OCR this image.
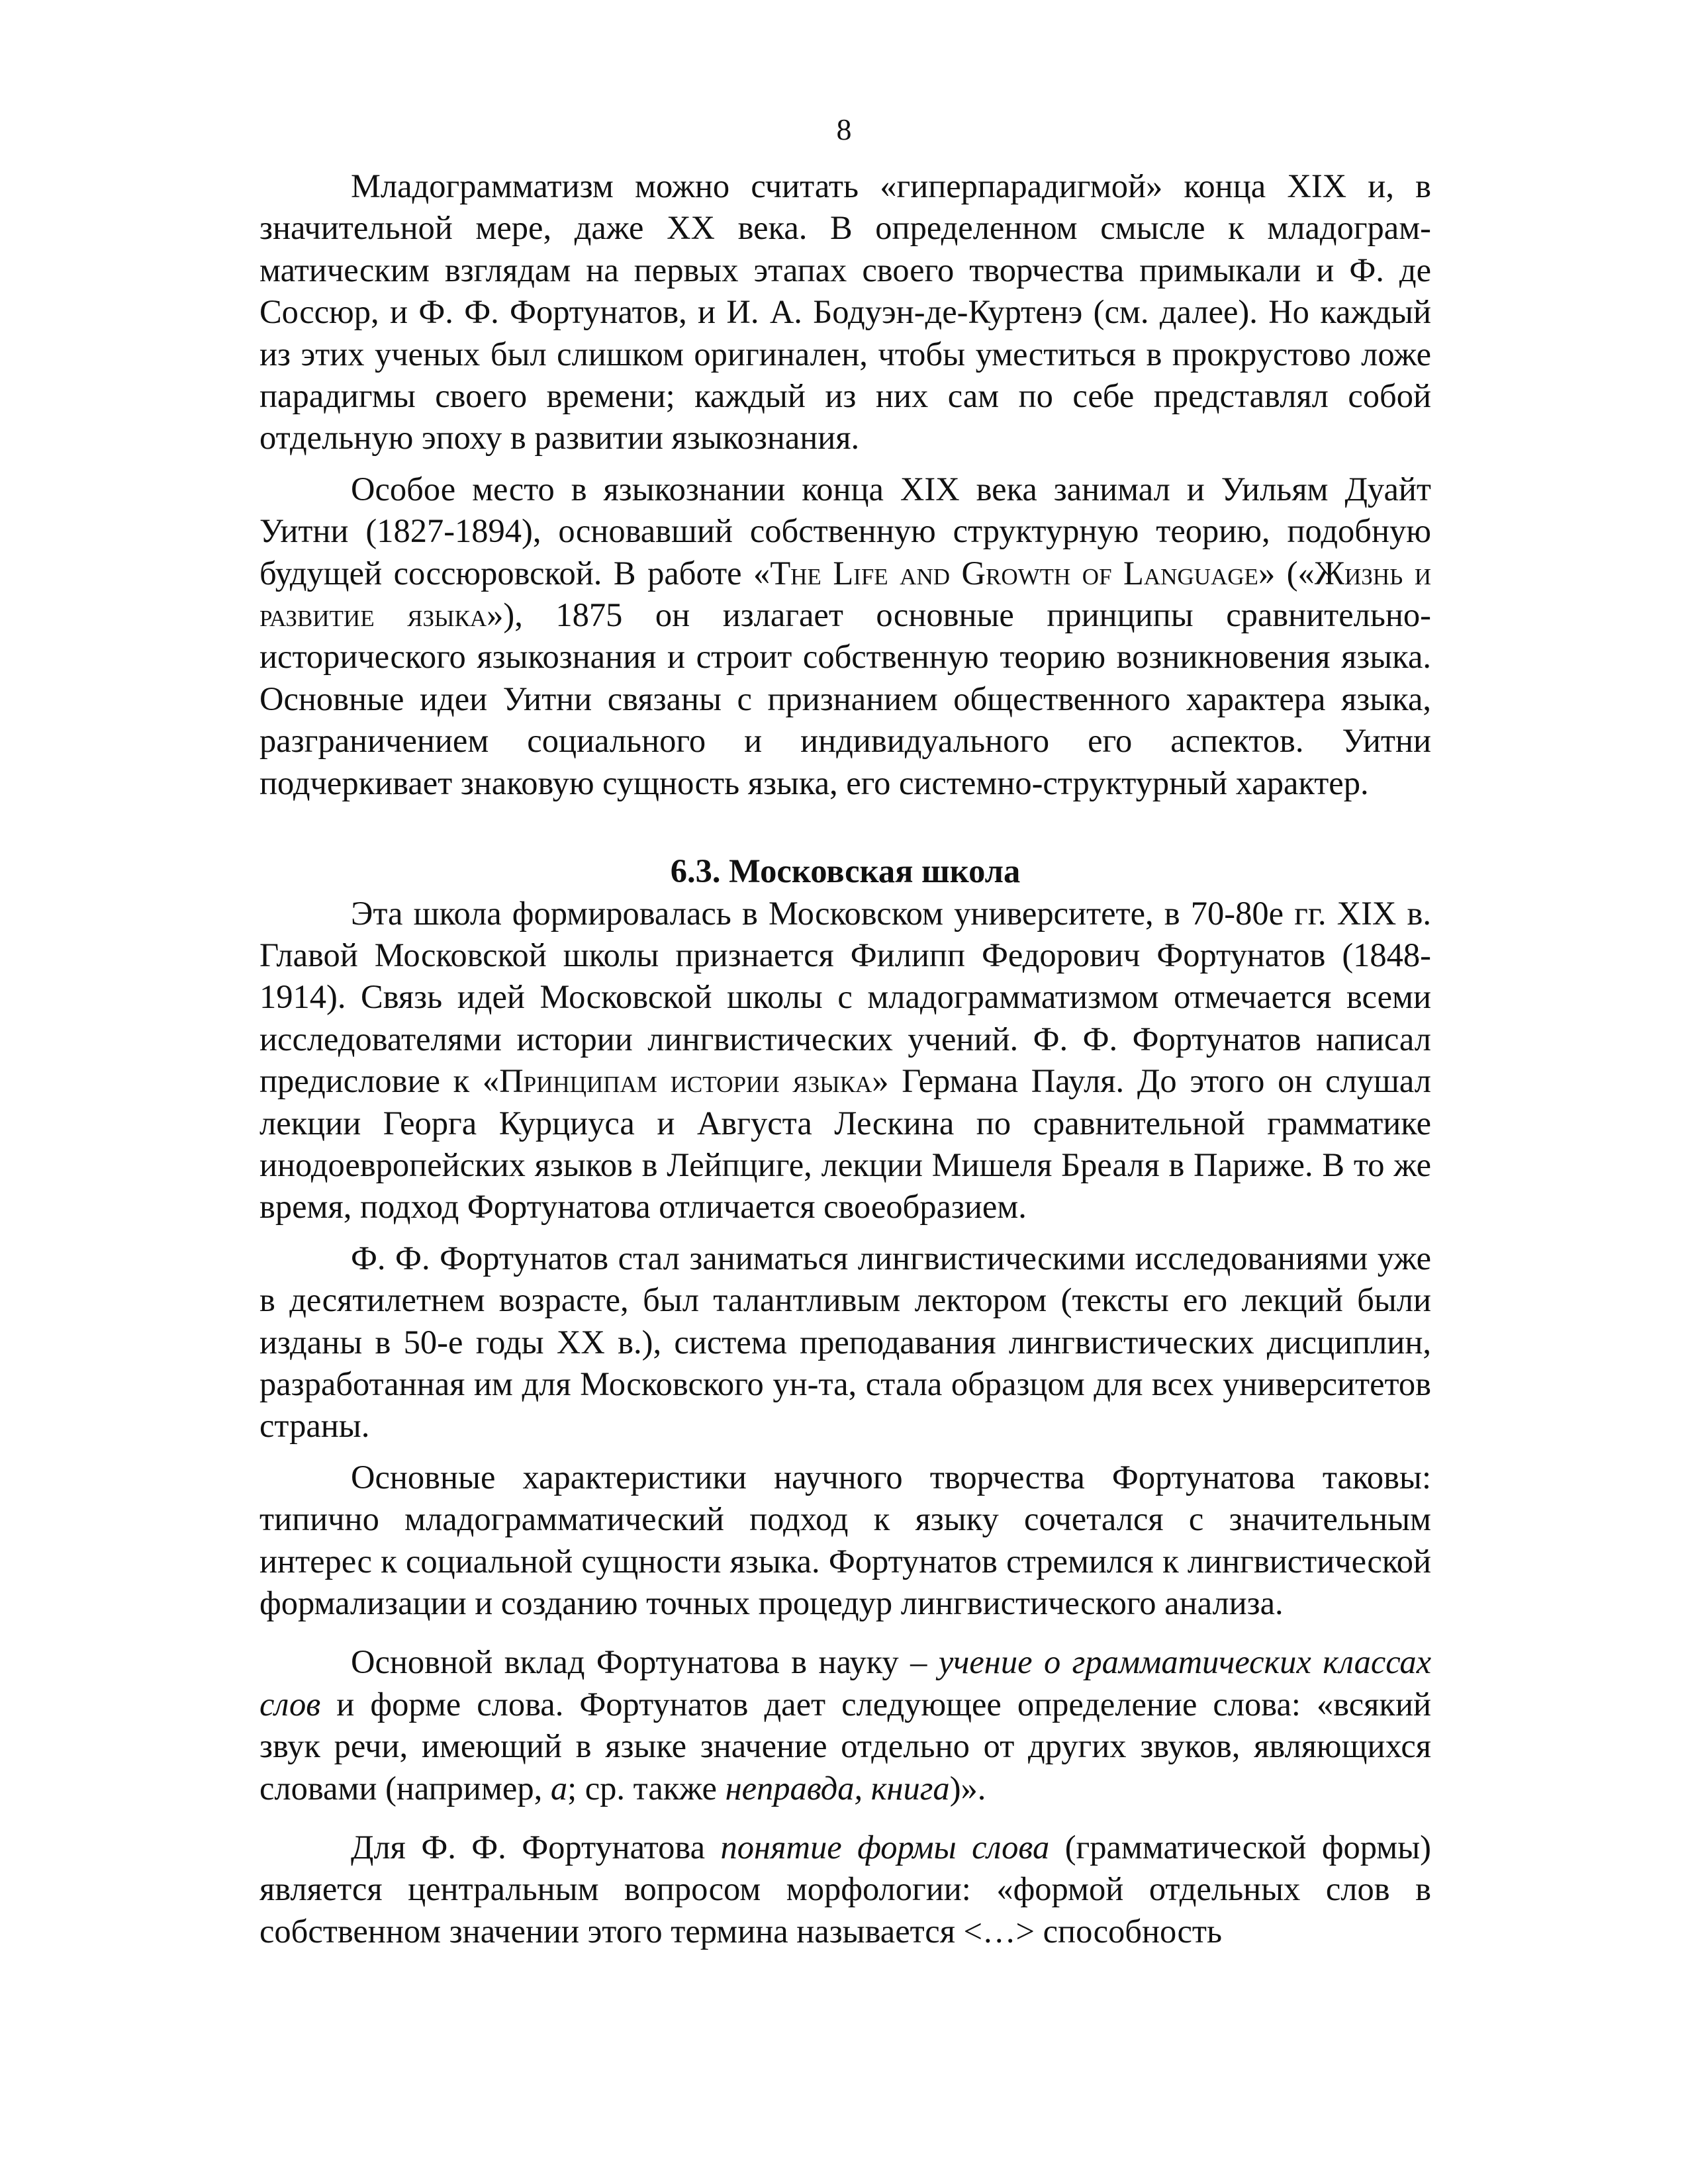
8

Младограмматизм можно считать «гиперпарадигмой» конца XIX и, в значительной мере, даже XX века. В определенном смысле к младограмматическим взглядам на первых этапах своего творчества примыкали и Ф. де Соссюр, и Ф. Ф. Фортунатов, и И. А. Бодуэн-де-Куртенэ (см. далее). Но каждый из этих ученых был слишком оригинален, чтобы уместиться в прокрустово ложе парадигмы своего времени; каждый из них сам по себе представлял собой отдельную эпоху в развитии языкознания.

Особое место в языкознании конца XIX века занимал и Уильям Дуайт Уитни (1827-1894), основавший собственную структурную теорию, подобную будущей соссюровской. В работе «The Life and Growth of Language» («Жизнь и развитие языка»), 1875 он излагает основные принципы сравнительно-исторического языкознания и строит собственную теорию возникновения языка. Основные идеи Уитни связаны с признанием общественного характера языка, разграничением социального и индивидуального его аспектов. Уитни подчеркивает знаковую сущность языка, его системно-структурный характер.

6.3. Московская школа

Эта школа формировалась в Московском университете, в 70-80е гг. XIX в. Главой Московской школы признается Филипп Федорович Фортунатов (1848-1914). Связь идей Московской школы с младограмматизмом отмечается всеми исследователями истории лингвистических учений. Ф. Ф. Фортунатов написал предисловие к «Принципам истории языка» Германа Пауля. До этого он слушал лекции Георга Курциуса и Августа Лескина по сравнительной грамматике инодоевропейских языков в Лейпциге, лекции Мишеля Бреаля в Париже. В то же время, подход Фортунатова отличается своеобразием.

Ф. Ф. Фортунатов стал заниматься лингвистическими исследованиями уже в десятилетнем возрасте, был талантливым лектором (тексты его лекций были изданы в 50-е годы XX в.), система преподавания лингвистических дисциплин, разработанная им для Московского ун-та, стала образцом для всех университетов страны.

Основные характеристики научного творчества Фортунатова таковы: типично младограмматический подход к языку сочетался с значительным интерес к социальной сущности языка. Фортунатов стремился к лингвистической формализации и созданию точных процедур лингвистического анализа.

Основной вклад Фортунатова в науку – учение о грамматических классах слов и форме слова. Фортунатов дает следующее определение слова: «всякий звук речи, имеющий в языке значение отдельно от других звуков, являющихся словами (например, а; ср. также неправда, книга)».

Для Ф. Ф. Фортунатова понятие формы слова (грамматической формы) является центральным вопросом морфологии: «формой отдельных слов в собственном значении этого термина называется <…> способность
